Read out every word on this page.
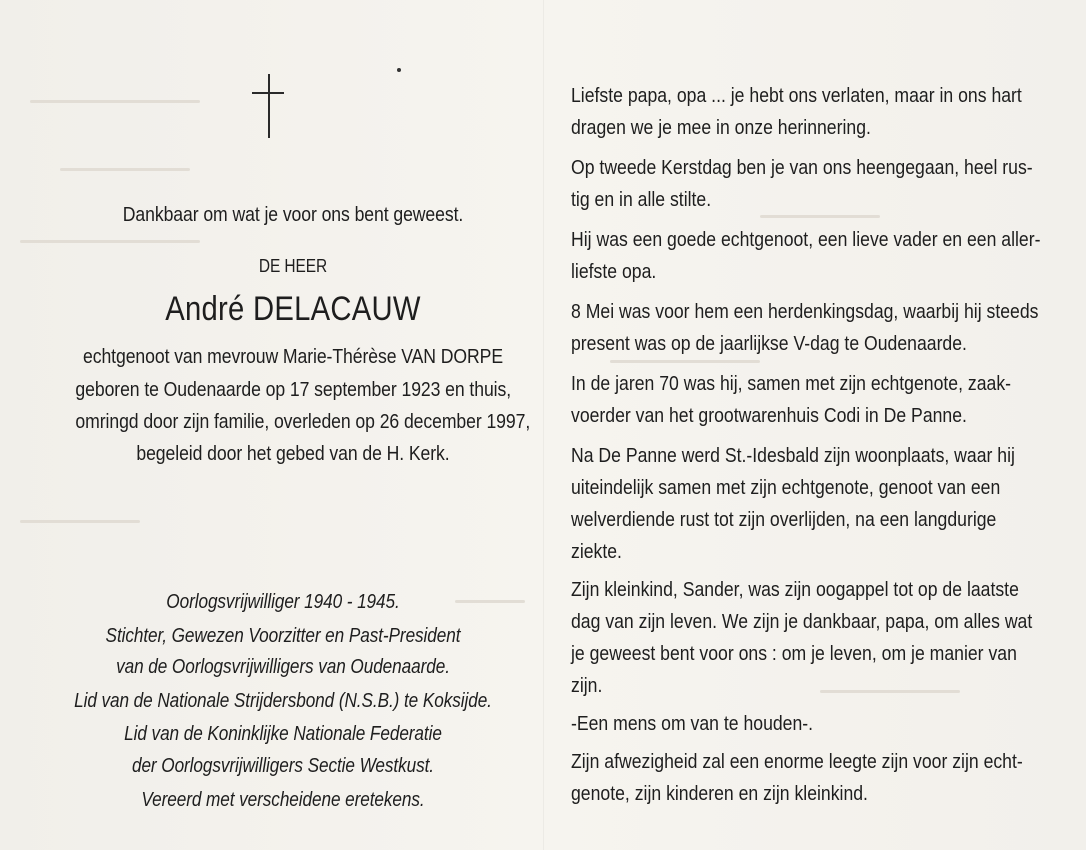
Dankbaar om wat je voor ons bent geweest.
DE HEER
André DELACAUW
echtgenoot van mevrouw Marie-Thérèse VAN DORPE
geboren te Oudenaarde op 17 september 1923 en thuis,
omringd door zijn familie, overleden op 26 december 1997,
begeleid door het gebed van de H. Kerk.
Oorlogsvrijwilliger 1940 - 1945.
Stichter, Gewezen Voorzitter en Past-President
van de Oorlogsvrijwilligers van Oudenaarde.
Lid van de Nationale Strijdersbond (N.S.B.) te Koksijde.
Lid van de Koninklijke Nationale Federatie
der Oorlogsvrijwilligers Sectie Westkust.
Vereerd met verscheidene eretekens.
Liefste papa, opa ... je hebt ons verlaten, maar in ons hart
dragen we je mee in onze herinnering.
Op tweede Kerstdag ben je van ons heengegaan, heel rus-
tig en in alle stilte.
Hij was een goede echtgenoot, een lieve vader en een aller-
liefste opa.
8 Mei was voor hem een herdenkingsdag, waarbij hij steeds
present was op de jaarlijkse V-dag te Oudenaarde.
In de jaren 70 was hij, samen met zijn echtgenote, zaak-
voerder van het grootwarenhuis Codi in De Panne.
Na De Panne werd St.-Idesbald zijn woonplaats, waar hij
uiteindelijk samen met zijn echtgenote, genoot van een
welverdiende rust tot zijn overlijden, na een langdurige
ziekte.
Zijn kleinkind, Sander, was zijn oogappel tot op de laatste
dag van zijn leven. We zijn je dankbaar, papa, om alles wat
je geweest bent voor ons : om je leven, om je manier van
zijn.
-Een mens om van te houden-.
Zijn afwezigheid zal een enorme leegte zijn voor zijn echt-
genote, zijn kinderen en zijn kleinkind.
